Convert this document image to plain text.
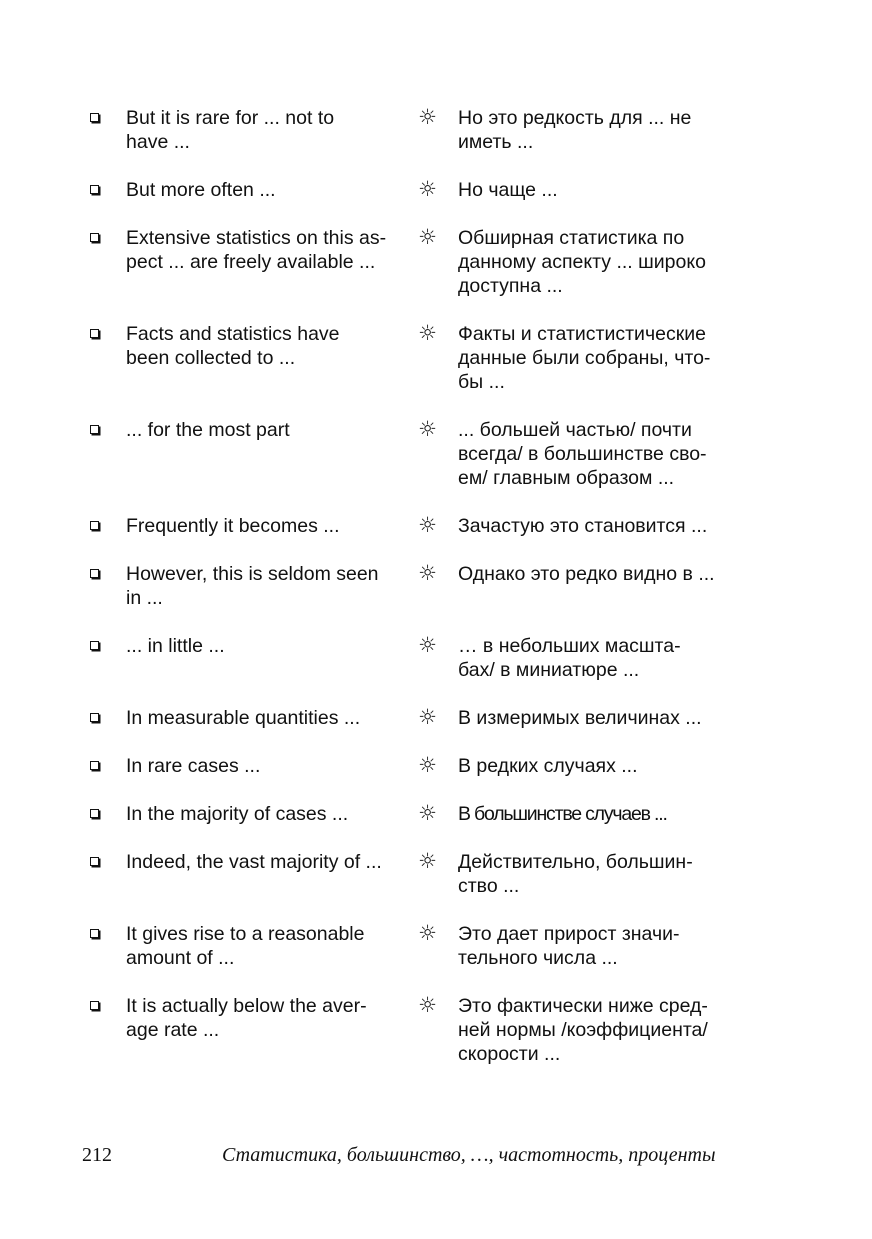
But it is rare for ... not to
have ...
☼ Но это редкость для ... не
иметь ...
But more often ...	☼ Но чаще ...
Extensive statistics on this as-
pect ... are freely available ...
☼ Обширная статистика по
данному аспекту ... широко
доступна ...
Facts and statistics have
been collected to ...
☼ Факты и статистистические
данные были собраны, что-
бы ...
... for the most part	☼ ... большей частью/ почти
всегда/ в большинстве сво-
ем/ главным образом ...
Frequently it becomes ...	☼ Зачастую это становится ...
However, this is seldom seen
in ...
☼ Однако это редко видно в ...
... in little ...	☼ … в небольших масшта-
бах/ в миниатюре ...
In measurable quantities ...	☼ В измеримых величинах ...
In rare cases ...	☼ В редких случаях ...
In the majority of cases ...	☼ В большинстве случаев ...
Indeed, the vast majority of ...	☼ Действительно, большин-
ство ...
It gives rise to a reasonable
amount of ...
☼ Это дает прирост значи-
тельного числа ...
It is actually below the aver-
age rate ...
☼ Это фактически ниже сред-
ней нормы /коэффициента/
скорости ...
212	Статистика, большинство, …, частотность, проценты
